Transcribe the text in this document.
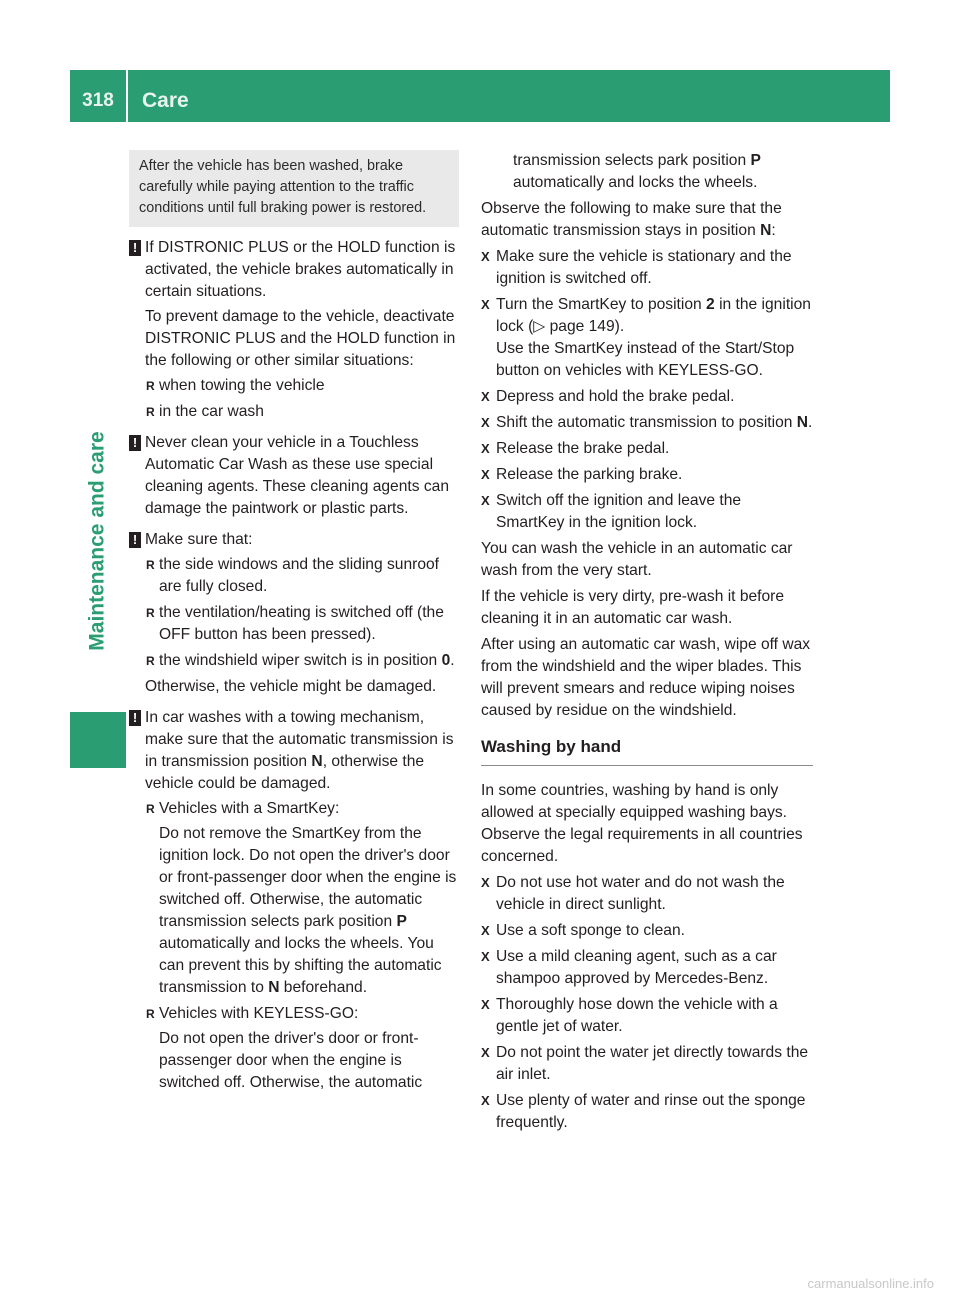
318	Care
Maintenance and care

After the vehicle has been washed, brake carefully while paying attention to the traffic conditions until full braking power is restored.

! If DISTRONIC PLUS or the HOLD function is activated, the vehicle brakes automatically in certain situations.

To prevent damage to the vehicle, deactivate DISTRONIC PLUS and the HOLD function in the following or other similar situations:

R when towing the vehicle
R in the car wash
! Never clean your vehicle in a Touchless Automatic Car Wash as these use special cleaning agents. These cleaning agents can damage the paintwork or plastic parts.

! Make sure that:

R the side windows and the sliding sunroof are fully closed.
R the ventilation/heating is switched off (the OFF button has been pressed).
R the windshield wiper switch is in position 0.

Otherwise, the vehicle might be damaged.

! In car washes with a towing mechanism, make sure that the automatic transmission is in transmission position N, otherwise the vehicle could be damaged.

R Vehicles with a SmartKey:

Do not remove the SmartKey from the ignition lock. Do not open the driver's door or front-passenger door when the engine is switched off. Otherwise, the automatic transmission selects park position P automatically and locks the wheels. You can prevent this by shifting the automatic transmission to N beforehand.

R Vehicles with KEYLESS-GO:

Do not open the driver's door or front-passenger door when the engine is switched off. Otherwise, the automatic

transmission selects park position P automatically and locks the wheels.

Observe the following to make sure that the automatic transmission stays in position N:

X Make sure the vehicle is stationary and the ignition is switched off.
X Turn the SmartKey to position 2 in the ignition lock (▷ page 149).

Use the SmartKey instead of the Start/Stop button on vehicles with KEYLESS-GO.

X Depress and hold the brake pedal.
X Shift the automatic transmission to position N.
X Release the brake pedal.
X Release the parking brake.
X Switch off the ignition and leave the SmartKey in the ignition lock.

You can wash the vehicle in an automatic car wash from the very start.

If the vehicle is very dirty, pre-wash it before cleaning it in an automatic car wash.

After using an automatic car wash, wipe off wax from the windshield and the wiper blades. This will prevent smears and reduce wiping noises caused by residue on the windshield.

Washing by hand

In some countries, washing by hand is only allowed at specially equipped washing bays. Observe the legal requirements in all countries concerned.

X Do not use hot water and do not wash the vehicle in direct sunlight.
X Use a soft sponge to clean.
X Use a mild cleaning agent, such as a car shampoo approved by Mercedes-Benz.
X Thoroughly hose down the vehicle with a gentle jet of water.
X Do not point the water jet directly towards the air inlet.
X Use plenty of water and rinse out the sponge frequently.
carmanualsonline.info
